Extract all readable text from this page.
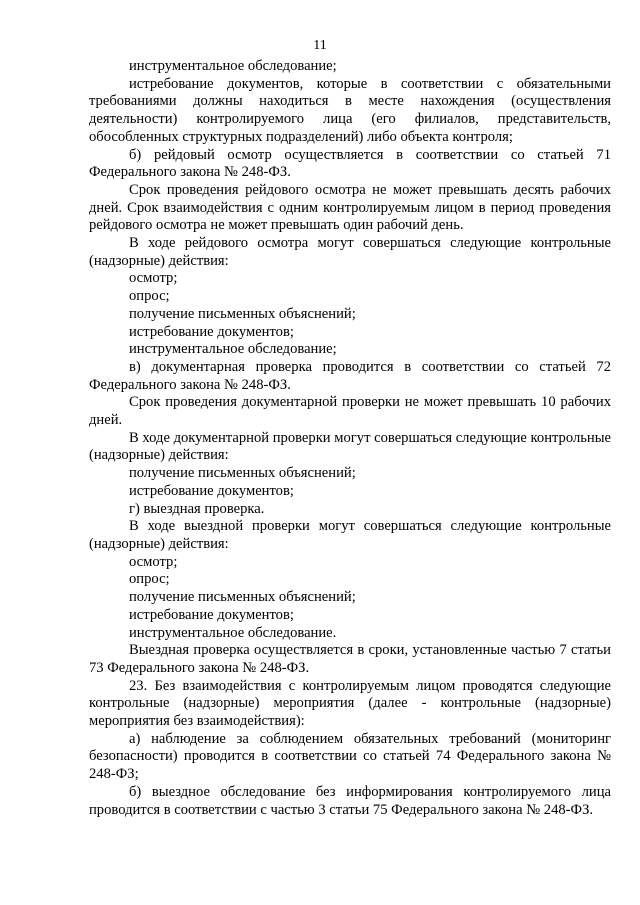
11

инструментальное обследование;

истребование документов, которые в соответствии с обязательными требованиями должны находиться в месте нахождения (осуществления деятельности) контролируемого лица (его филиалов, представительств, обособленных структурных подразделений) либо объекта контроля;

б) рейдовый осмотр осуществляется в соответствии со статьей 71 Федерального закона № 248-ФЗ.

Срок проведения рейдового осмотра не может превышать десять рабочих дней. Срок взаимодействия с одним контролируемым лицом в период проведения рейдового осмотра не может превышать один рабочий день.

В ходе рейдового осмотра могут совершаться следующие контрольные (надзорные) действия:

осмотр;

опрос;

получение письменных объяснений;

истребование документов;

инструментальное обследование;

в) документарная проверка проводится в соответствии со статьей 72 Федерального закона № 248-ФЗ.

Срок проведения документарной проверки не может превышать 10 рабочих дней.

В ходе документарной проверки могут совершаться следующие контрольные (надзорные) действия:

получение письменных объяснений;

истребование документов;

г) выездная проверка.

В ходе выездной проверки могут совершаться следующие контрольные (надзорные) действия:

осмотр;

опрос;

получение письменных объяснений;

истребование документов;

инструментальное обследование.

Выездная проверка осуществляется в сроки, установленные частью 7 статьи 73 Федерального закона № 248-ФЗ.

23. Без взаимодействия с контролируемым лицом проводятся следующие контрольные (надзорные) мероприятия (далее - контрольные (надзорные) мероприятия без взаимодействия):

а) наблюдение за соблюдением обязательных требований (мониторинг безопасности) проводится в соответствии со статьей 74 Федерального закона № 248-ФЗ;

б) выездное обследование без информирования контролируемого лица проводится в соответствии с частью 3 статьи 75 Федерального закона № 248-ФЗ.
